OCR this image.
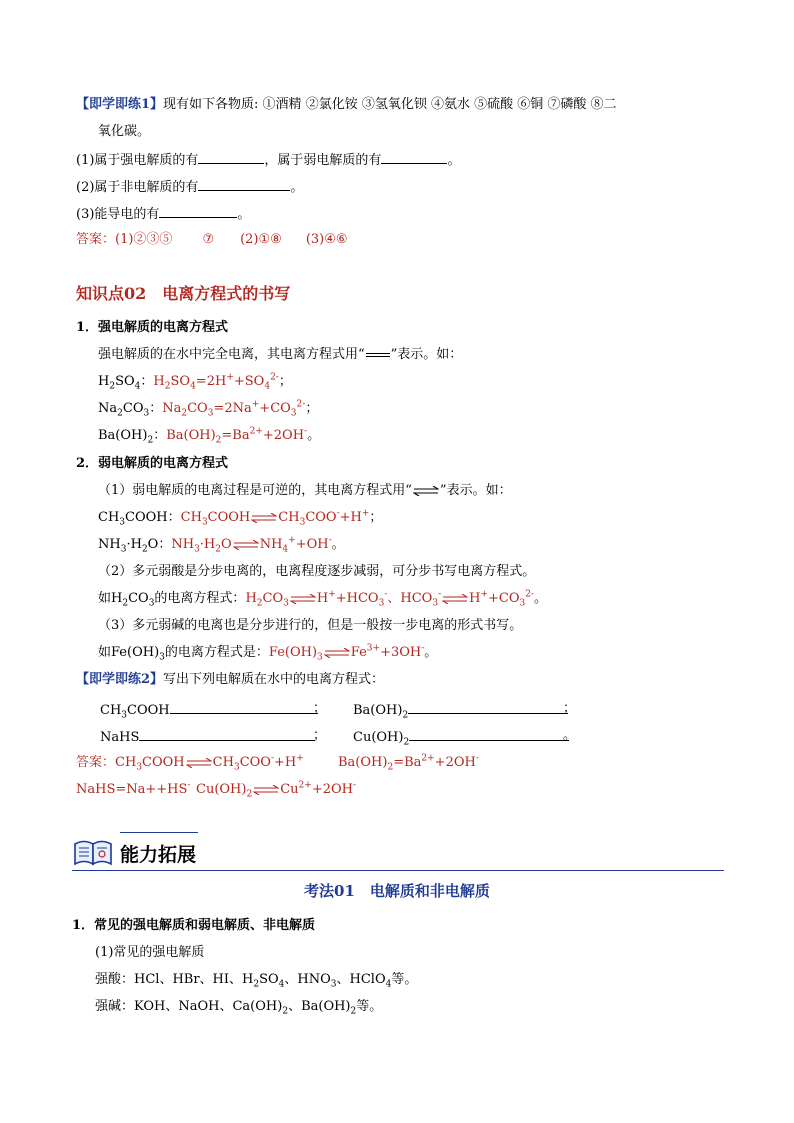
【即学即练1】现有如下各物质: ①酒精 ②氯化铵 ③氢氧化钡 ④氨水 ⑤硫酸 ⑥铜 ⑦磷酸 ⑧二
氧化碳。
(1)属于强电解质的有	，属于弱电解质的有	。
(2)属于非电解质的有	。
(3)能导电的有	。
答案：(1)②③⑤ ⑦ (2)①⑧ (3)④⑥
知识点02　电离方程式的书写
1．强电解质的电离方程式
强电解质的在水中完全电离，其电离方程式用“ ”表示。如：
$H_2SO_4$：$H_2SO_4=2H^++SO_4^{2-}$；
$Na_2CO_3$：$Na_2CO_3=2Na^++CO_3^{2-}$；
$Ba(OH)_2$：$Ba(OH)_2=Ba^{2+}+2OH^-$。
2．弱电解质的电离方程式
（1）弱电解质的电离过程是可逆的，其电离方程式用“⇌”表示。如：
$CH_3COOH$：$CH_3COOH\rightleftharpoons CH_3COO^-+H^+$；
$NH_3\cdot H_2O$：$NH_3\cdot H_2O\rightleftharpoons NH_4^++OH^-$。
（2）多元弱酸是分步电离的，电离程度逐步减弱，可分步书写电离方程式。
如$H_2CO_3$的电离方程式：$H_2CO_3$ $\rightleftharpoons H^++HCO_3^-$、$HCO_3^-\rightleftharpoons H^++CO_3^{2-}$。
（3）多元弱碱的电离也是分步进行的，但是一般按一步电离的形式书写。
如$Fe(OH)_3$的电离方程式是：$Fe(OH)_3$ $\rightleftharpoons Fe^{3+}+3OH^-$。
【即学即练2】写出下列电解质在水中的电离方程式：
$CH_3COOH$	； $Ba(OH)_2$	；
NaHS	； $Cu(OH)_2$	。
答案：$CH_3COOH\rightleftharpoons CH_3COO^-+H^+$	$Ba(OH)_2=Ba^{2+}+2OH^-$
NaHS=Na++HS- $Cu(OH)_2$ $\rightleftharpoons Cu^{2+}+2OH^-$
能力拓展
考法01　电解质和非电解质
1．常见的强电解质和弱电解质、非电解质
(1)常见的强电解质
强酸：HCl、HBr、HI、$H_2SO_4$、$HNO_3$、HClO$_4$等。
强碱：KOH、NaOH、$Ca(OH)_2$、$Ba(OH)_2$等。
